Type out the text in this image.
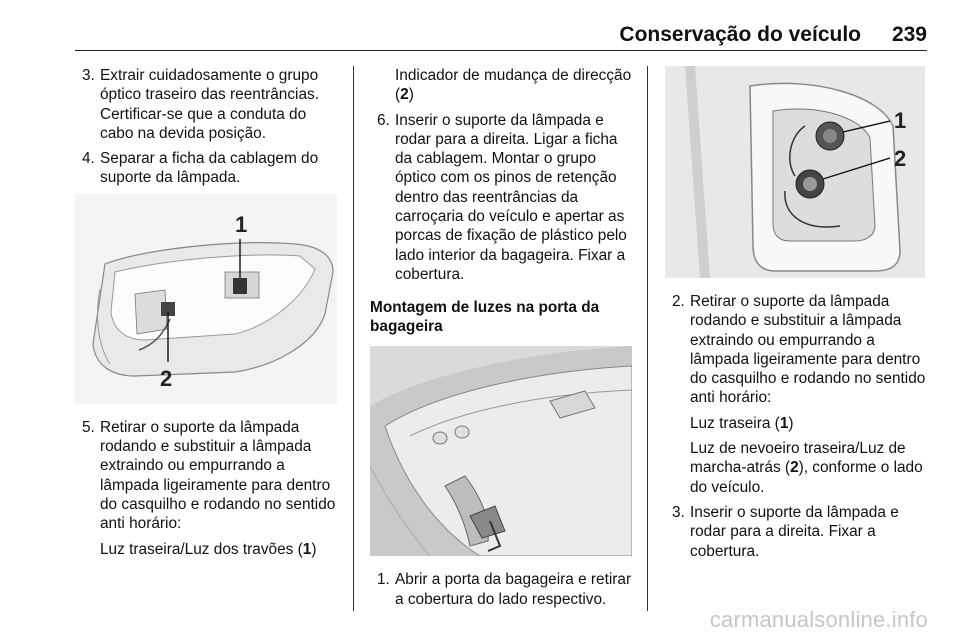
Conservação do veículo 239
3. Extrair cuidadosamente o grupo óptico traseiro das reentrâncias. Certificar-se que a conduta do cabo na devida posição.
4. Separar a ficha da cablagem do suporte da lâmpada.
1
2
5. Retirar o suporte da lâmpada rodando e substituir a lâmpada extraindo ou empurrando a lâmpada ligeiramente para dentro do casquilho e rodando no sentido anti horário:
Luz traseira/Luz dos travões (1)
Indicador de mudança de direcção (2)
6. Inserir o suporte da lâmpada e rodar para a direita. Ligar a ficha da cablagem. Montar o grupo óptico com os pinos de retenção dentro das reentrâncias da carroçaria do veículo e apertar as porcas de fixação de plástico pelo lado interior da bagageira. Fixar a cobertura.
Montagem de luzes na porta da bagageira
1. Abrir a porta da bagageira e retirar a cobertura do lado respectivo.
1
2
2. Retirar o suporte da lâmpada rodando e substituir a lâmpada extraindo ou empurrando a lâmpada ligeiramente para dentro do casquilho e rodando no sentido anti horário:
Luz traseira (1)
Luz de nevoeiro traseira/Luz de marcha-atrás (2), conforme o lado do veículo.
3. Inserir o suporte da lâmpada e rodar para a direita. Fixar a cobertura.
carmanualsonline.info
